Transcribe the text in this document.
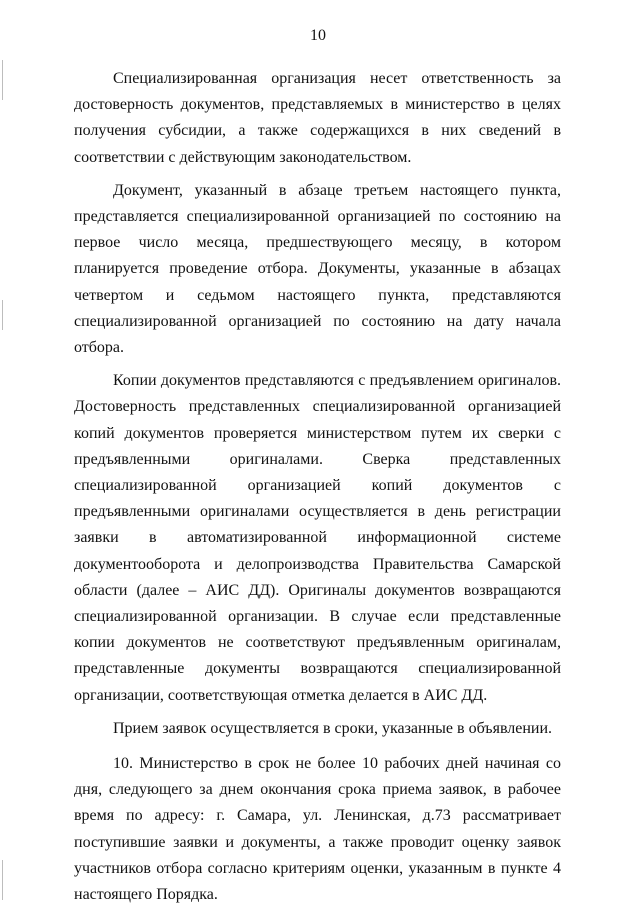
10

Специализированная организация несет ответственность за достоверность документов, представляемых в министерство в целях получения субсидии, а также содержащихся в них сведений в соответствии с действующим законодательством.

Документ, указанный в абзаце третьем настоящего пункта, представляется специализированной организацией по состоянию на первое число месяца, предшествующего месяцу, в котором планируется проведение отбора. Документы, указанные в абзацах четвертом и седьмом настоящего пункта, представляются специализированной организацией по состоянию на дату начала отбора.

Копии документов представляются с предъявлением оригиналов. Достоверность представленных специализированной организацией копий документов проверяется министерством путем их сверки с предъявленными оригиналами. Сверка представленных специализированной организацией копий документов с предъявленными оригиналами осуществляется в день регистрации заявки в автоматизированной информационной системе документооборота и делопроизводства Правительства Самарской области (далее – АИС ДД). Оригиналы документов возвращаются специализированной организации. В случае если представленные копии документов не соответствуют предъявленным оригиналам, представленные документы возвращаются специализированной организации, соответствующая отметка делается в АИС ДД.

Прием заявок осуществляется в сроки, указанные в объявлении.

10. Министерство в срок не более 10 рабочих дней начиная со дня, следующего за днем окончания срока приема заявок, в рабочее время по адресу: г. Самара, ул. Ленинская, д.73 рассматривает поступившие заявки и документы, а также проводит оценку заявок участников отбора согласно критериям оценки, указанным в пункте 4 настоящего Порядка.
